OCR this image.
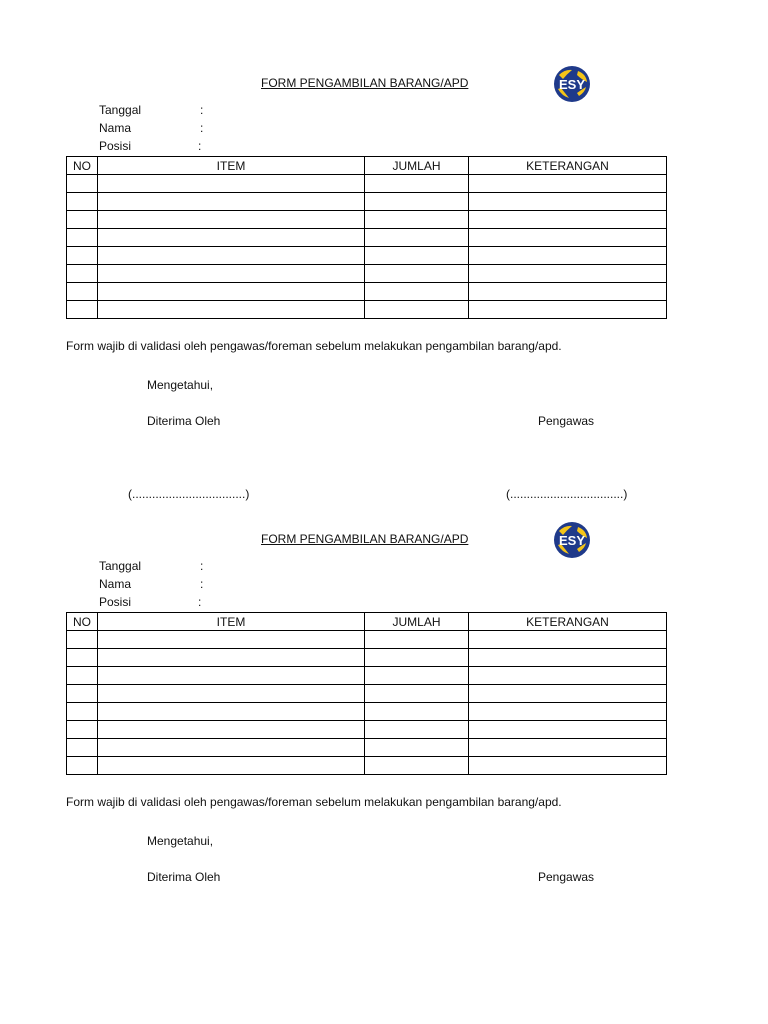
FORM PENGAMBILAN BARANG/APD	ESY
Tanggal	:
Nama	:
Posisi	:
NO	ITEM	JUMLAH	KETERANGAN

Form wajib di validasi oleh pengawas/foreman sebelum melakukan pengambilan barang/apd.
Mengetahui,
Diterima Oleh	Pengawas
(..................................)	(..................................)
FORM PENGAMBILAN BARANG/APD	ESY
Tanggal	:
Nama	:
Posisi	:
NO	ITEM	JUMLAH	KETERANGAN

Form wajib di validasi oleh pengawas/foreman sebelum melakukan pengambilan barang/apd.
Mengetahui,
Diterima Oleh	Pengawas
